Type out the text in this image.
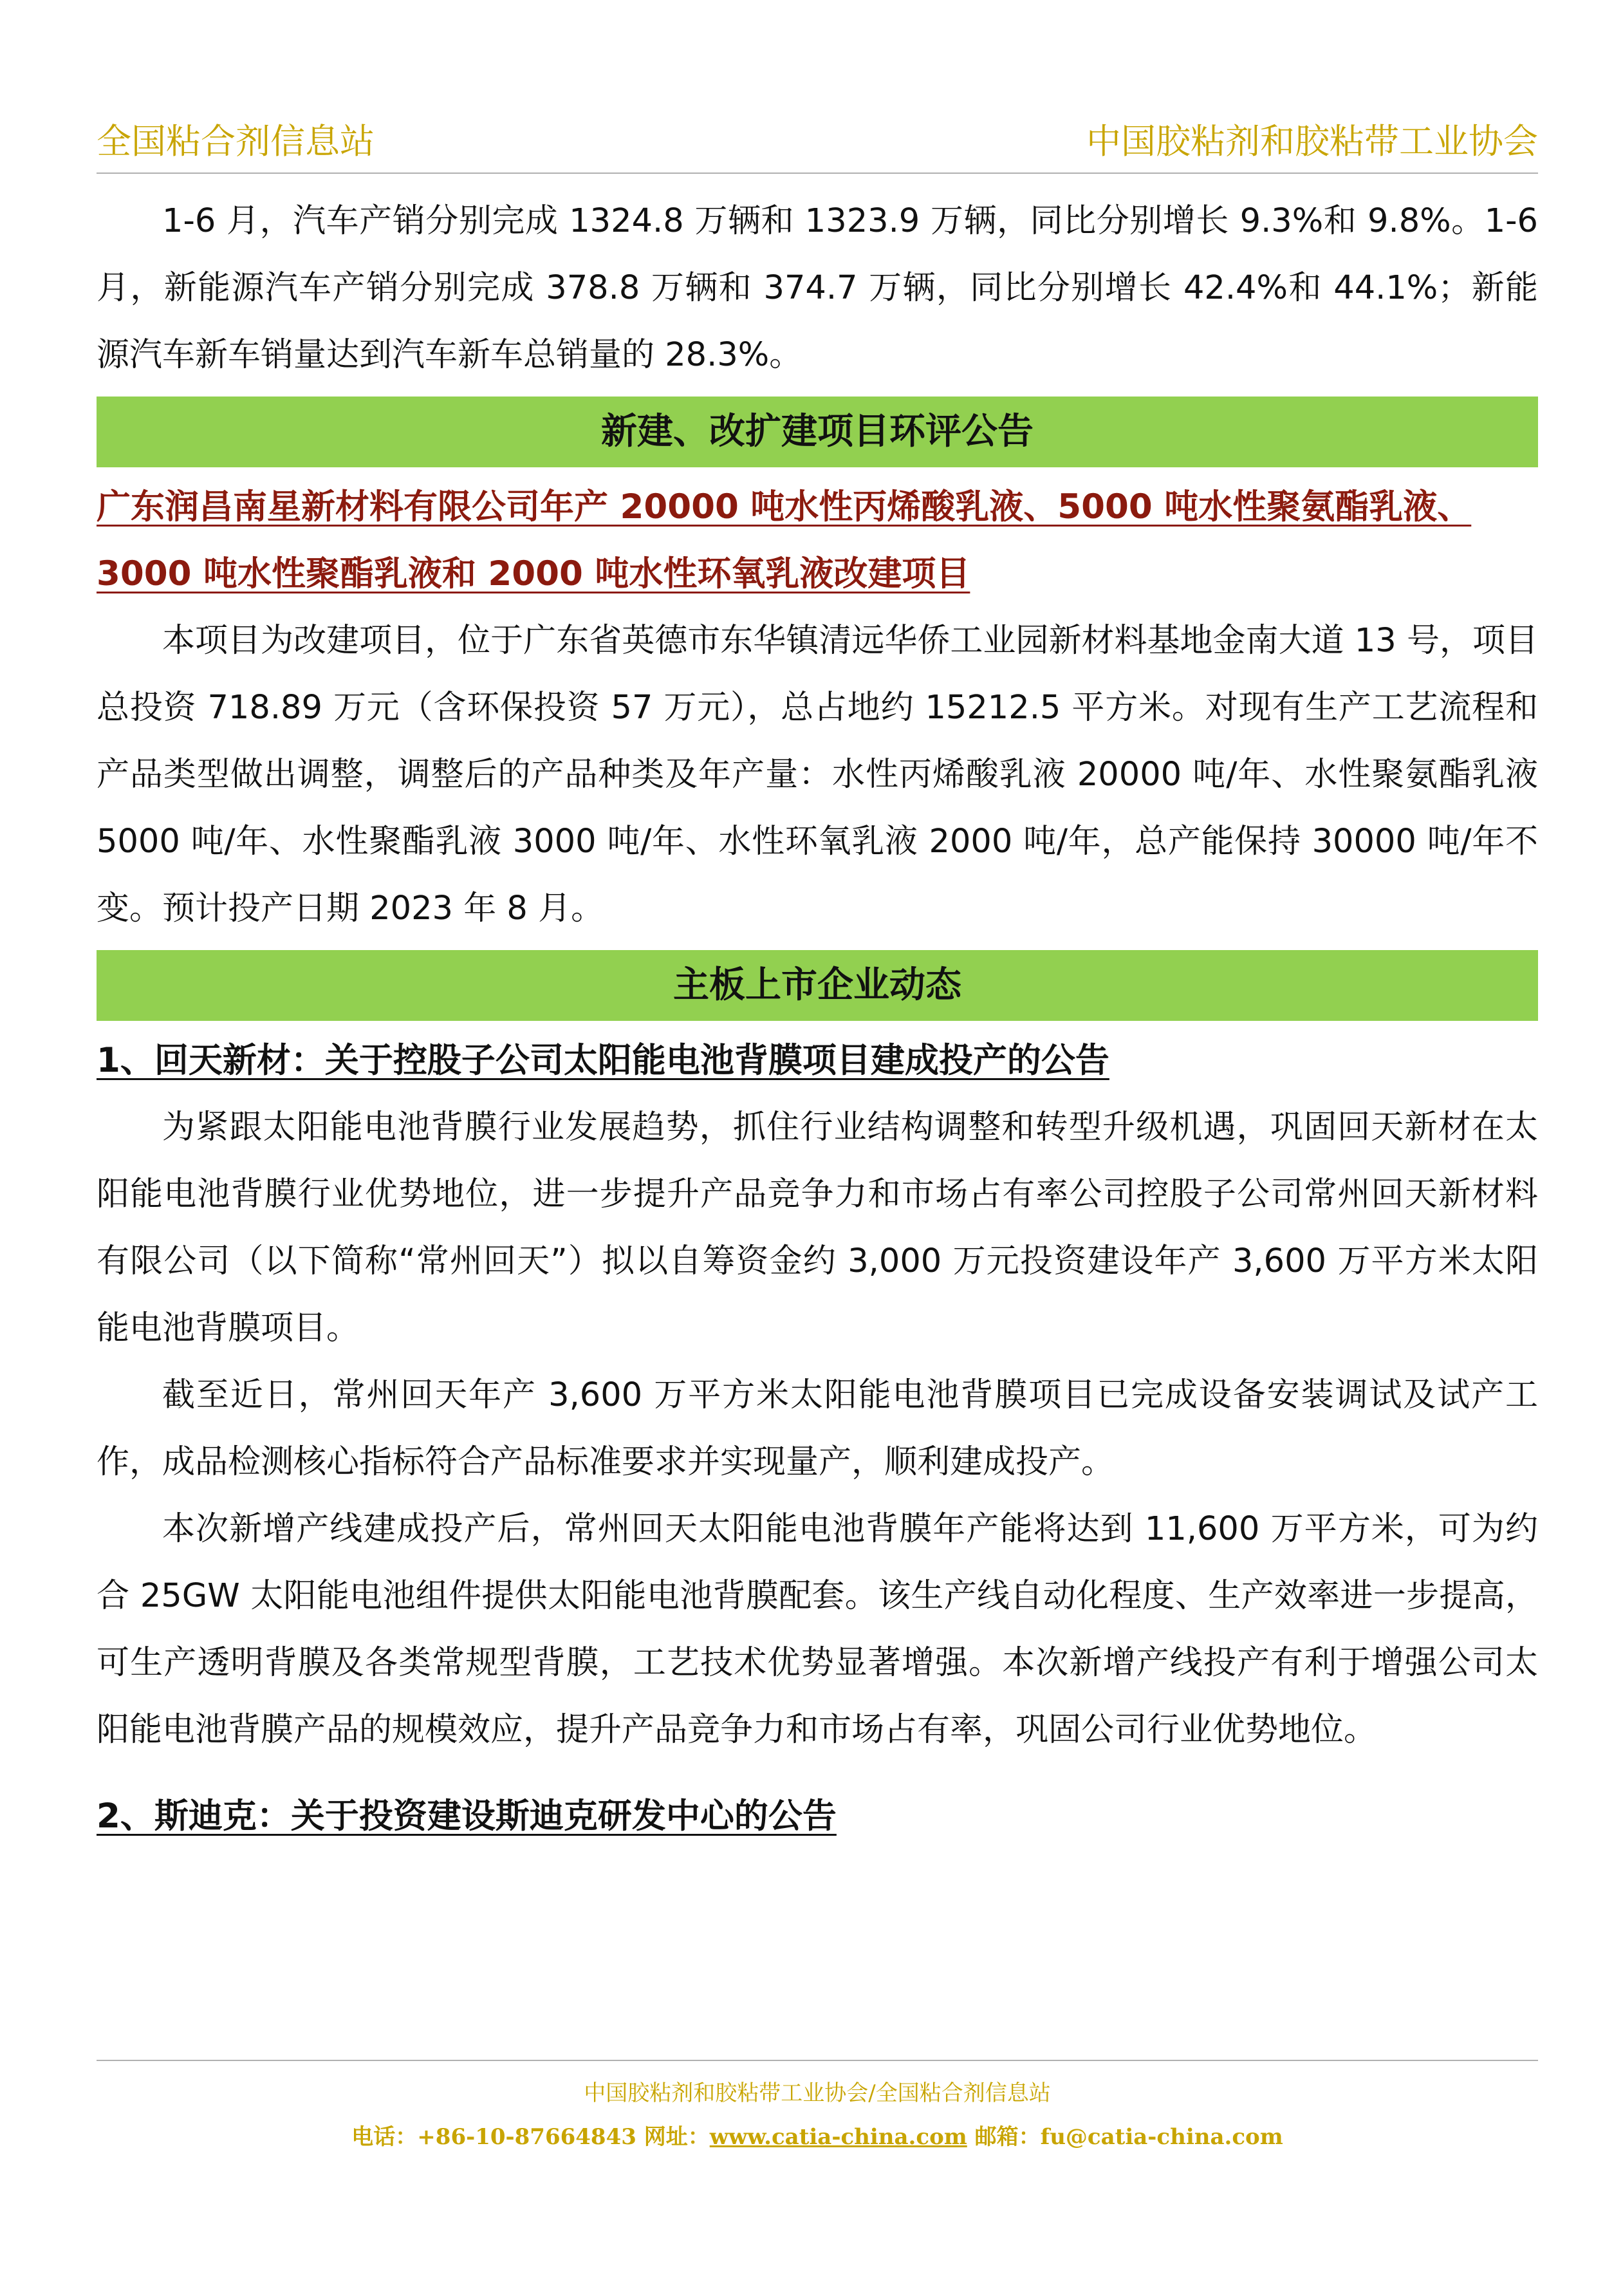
全国粘合剂信息站	中国胶粘剂和胶粘带工业协会

1-6 月，汽车产销分别完成 1324.8 万辆和 1323.9 万辆，同比分别增长 9.3%和 9.8%。1-6 月，新能源汽车产销分别完成 378.8 万辆和 374.7 万辆，同比分别增长 42.4%和 44.1%；新能源汽车新车销量达到汽车新车总销量的 28.3%。

新建、改扩建项目环评公告

广东润昌南星新材料有限公司年产 20000 吨水性丙烯酸乳液、5000 吨水性聚氨酯乳液、3000 吨水性聚酯乳液和 2000 吨水性环氧乳液改建项目

本项目为改建项目，位于广东省英德市东华镇清远华侨工业园新材料基地金南大道 13 号，项目总投资 718.89 万元（含环保投资 57 万元），总占地约 15212.5 平方米。对现有生产工艺流程和产品类型做出调整，调整后的产品种类及年产量：水性丙烯酸乳液 20000 吨/年、水性聚氨酯乳液 5000 吨/年、水性聚酯乳液 3000 吨/年、水性环氧乳液 2000 吨/年，总产能保持 30000 吨/年不变。预计投产日期 2023 年 8 月。

主板上市企业动态

1、回天新材：关于控股子公司太阳能电池背膜项目建成投产的公告

为紧跟太阳能电池背膜行业发展趋势，抓住行业结构调整和转型升级机遇，巩固回天新材在太阳能电池背膜行业优势地位，进一步提升产品竞争力和市场占有率公司控股子公司常州回天新材料有限公司（以下简称“常州回天”）拟以自筹资金约 3,000 万元投资建设年产 3,600 万平方米太阳能电池背膜项目。

截至近日，常州回天年产 3,600 万平方米太阳能电池背膜项目已完成设备安装调试及试产工作，成品检测核心指标符合产品标准要求并实现量产，顺利建成投产。

本次新增产线建成投产后，常州回天太阳能电池背膜年产能将达到 11,600 万平方米，可为约合 25GW 太阳能电池组件提供太阳能电池背膜配套。该生产线自动化程度、生产效率进一步提高，可生产透明背膜及各类常规型背膜，工艺技术优势显著增强。本次新增产线投产有利于增强公司太阳能电池背膜产品的规模效应，提升产品竞争力和市场占有率，巩固公司行业优势地位。

2、斯迪克：关于投资建设斯迪克研发中心的公告

中国胶粘剂和胶粘带工业协会/全国粘合剂信息站
电话：+86-10-87664843 网址：www.catia-china.com 邮箱：fu@catia-china.com
